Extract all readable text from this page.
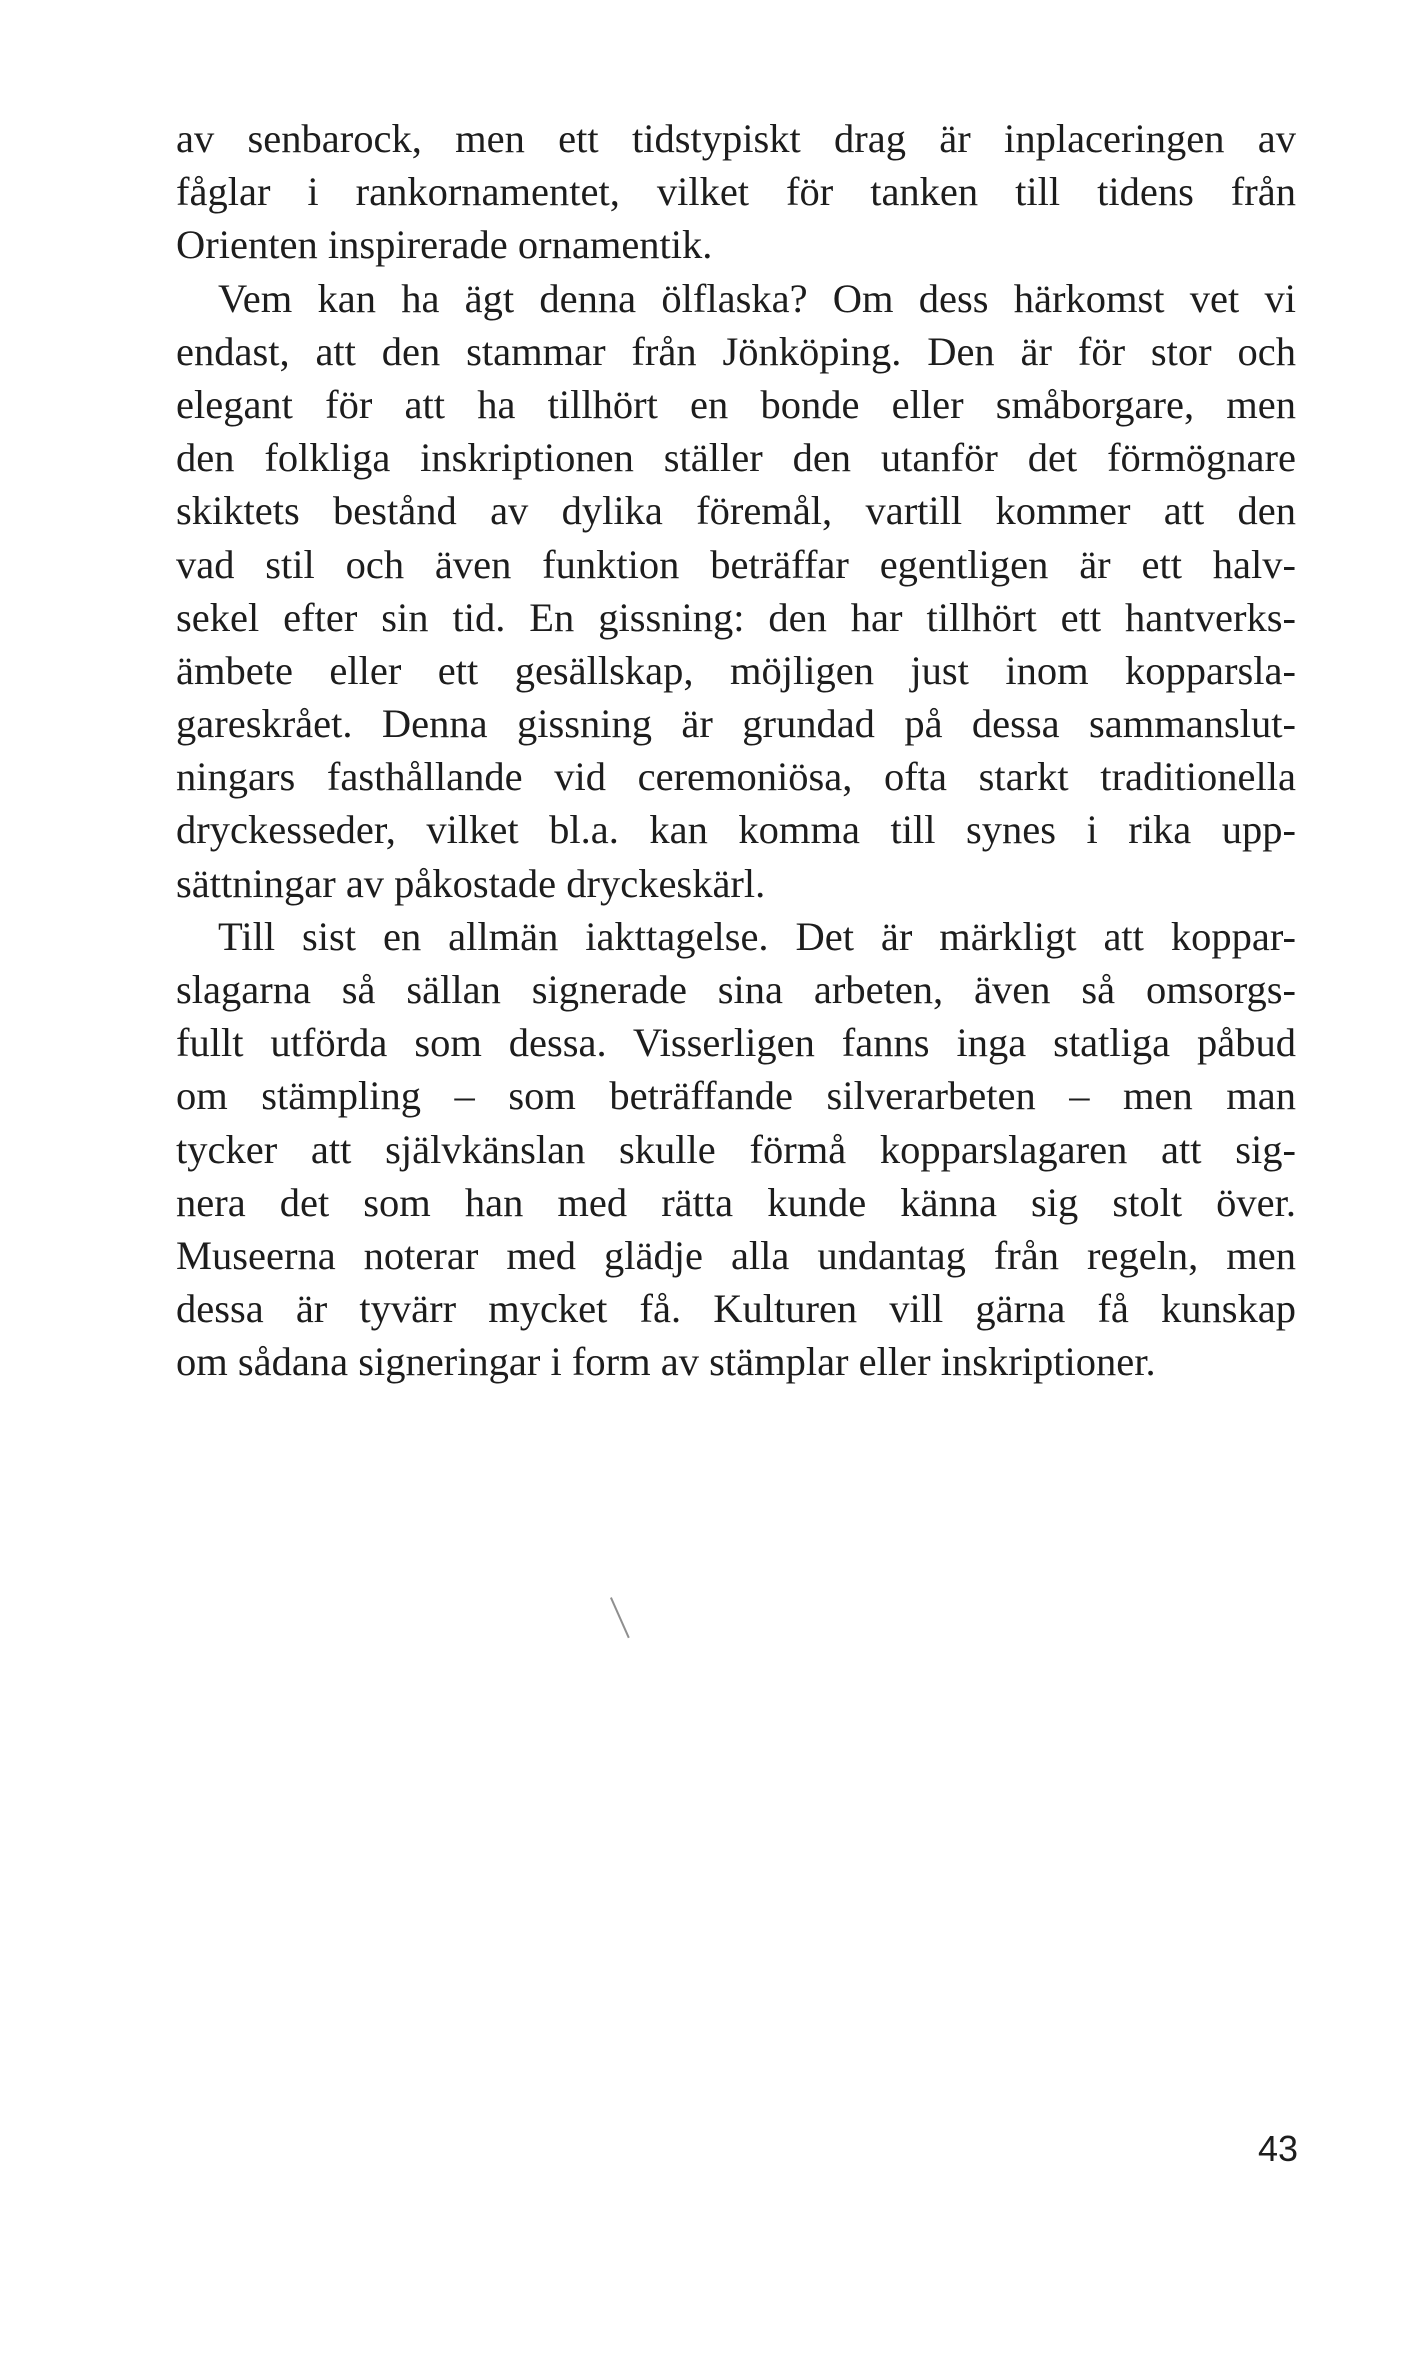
av senbarock, men ett tidstypiskt drag är inplaceringen av
fåglar i rankornamentet, vilket för tanken till tidens från
Orienten inspirerade ornamentik.
Vem kan ha ägt denna ölflaska? Om dess härkomst vet vi
endast, att den stammar från Jönköping. Den är för stor och
elegant för att ha tillhört en bonde eller småborgare, men
den folkliga inskriptionen ställer den utanför det förmögnare
skiktets bestånd av dylika föremål, vartill kommer att den
vad stil och även funktion beträffar egentligen är ett halv-
sekel efter sin tid. En gissning: den har tillhört ett hantverks-
ämbete eller ett gesällskap, möjligen just inom kopparsla-
gareskrået. Denna gissning är grundad på dessa sammanslut-
ningars fasthållande vid ceremoniösa, ofta starkt traditionella
dryckesseder, vilket bl.a. kan komma till synes i rika upp-
sättningar av påkostade dryckeskärl.
Till sist en allmän iakttagelse. Det är märkligt att koppar-
slagarna så sällan signerade sina arbeten, även så omsorgs-
fullt utförda som dessa. Visserligen fanns inga statliga påbud
om stämpling – som beträffande silverarbeten – men man
tycker att självkänslan skulle förmå kopparslagaren att sig-
nera det som han med rätta kunde känna sig stolt över.
Museerna noterar med glädje alla undantag från regeln, men
dessa är tyvärr mycket få. Kulturen vill gärna få kunskap
om sådana signeringar i form av stämplar eller inskriptioner.
43
